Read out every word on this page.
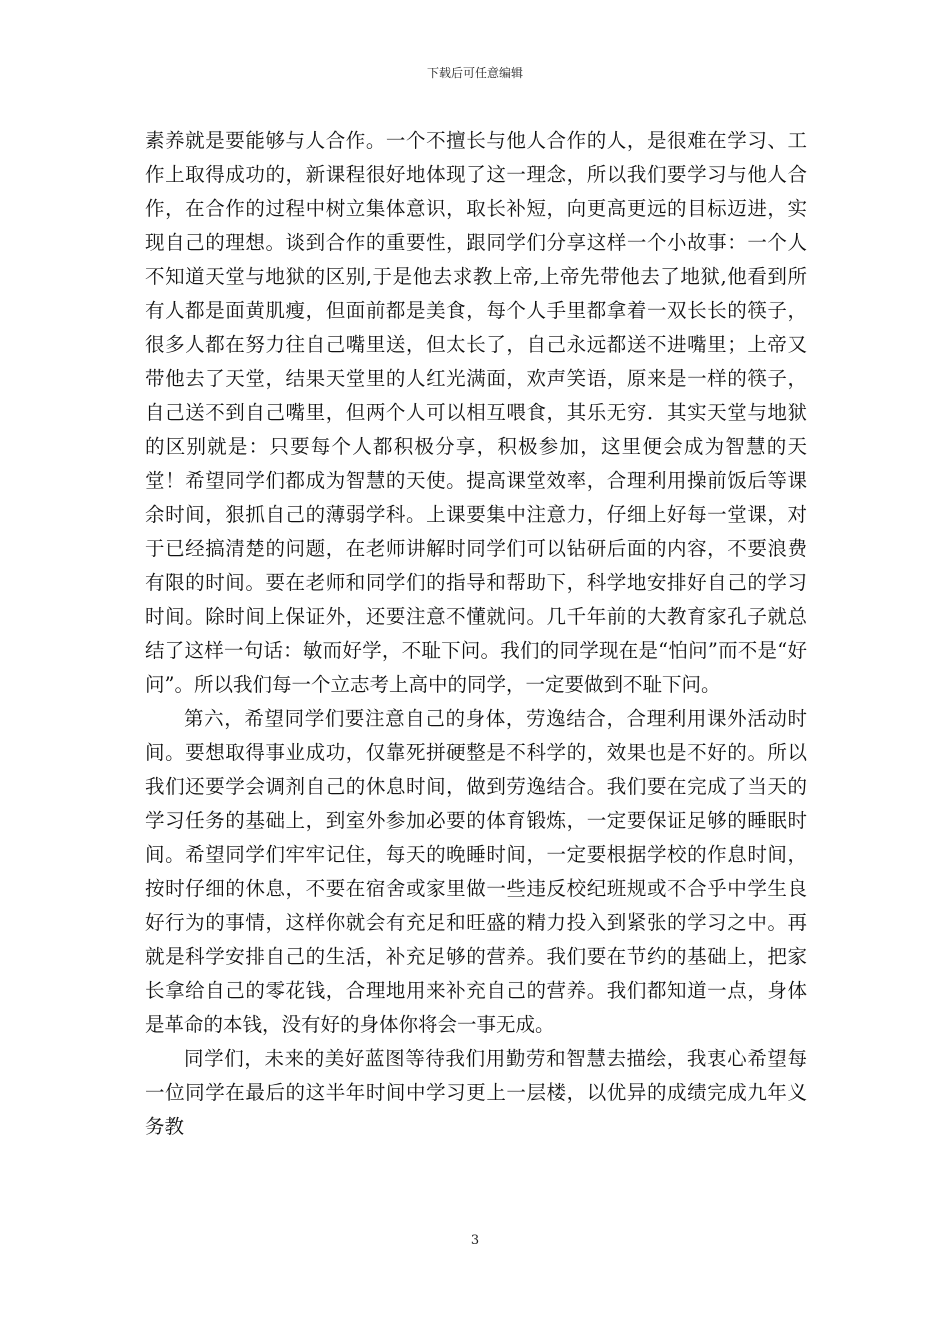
下载后可任意编辑

素养就是要能够与人合作。一个不擅长与他人合作的人，是很难在学习、工作上取得成功的，新课程很好地体现了这一理念，所以我们要学习与他人合作，在合作的过程中树立集体意识，取长补短，向更高更远的目标迈进，实现自己的理想。谈到合作的重要性，跟同学们分享这样一个小故事：一个人不知道天堂与地狱的区别,于是他去求教上帝,上帝先带他去了地狱,他看到所有人都是面黄肌瘦，但面前都是美食，每个人手里都拿着一双长长的筷子，很多人都在努力往自己嘴里送，但太长了，自己永远都送不进嘴里；上帝又带他去了天堂，结果天堂里的人红光满面，欢声笑语，原来是一样的筷子，自己送不到自己嘴里，但两个人可以相互喂食，其乐无穷．其实天堂与地狱的区别就是：只要每个人都积极分享，积极参加，这里便会成为智慧的天堂！希望同学们都成为智慧的天使。提高课堂效率，合理利用操前饭后等课余时间，狠抓自己的薄弱学科。上课要集中注意力，仔细上好每一堂课，对于已经搞清楚的问题，在老师讲解时同学们可以钻研后面的内容，不要浪费有限的时间。要在老师和同学们的指导和帮助下，科学地安排好自己的学习时间。除时间上保证外，还要注意不懂就问。几千年前的大教育家孔子就总结了这样一句话：敏而好学，不耻下问。我们的同学现在是“怕问”而不是“好问”。所以我们每一个立志考上高中的同学，一定要做到不耻下问。

第六，希望同学们要注意自己的身体，劳逸结合，合理利用课外活动时间。要想取得事业成功，仅靠死拼硬整是不科学的，效果也是不好的。所以我们还要学会调剂自己的休息时间，做到劳逸结合。我们要在完成了当天的学习任务的基础上，到室外参加必要的体育锻炼，一定要保证足够的睡眠时间。希望同学们牢牢记住，每天的晚睡时间，一定要根据学校的作息时间，按时仔细的休息，不要在宿舍或家里做一些违反校纪班规或不合乎中学生良好行为的事情，这样你就会有充足和旺盛的精力投入到紧张的学习之中。再就是科学安排自己的生活，补充足够的营养。我们要在节约的基础上，把家长拿给自己的零花钱，合理地用来补充自己的营养。我们都知道一点，身体是革命的本钱，没有好的身体你将会一事无成。

同学们，未来的美好蓝图等待我们用勤劳和智慧去描绘，我衷心希望每一位同学在最后的这半年时间中学习更上一层楼，以优异的成绩完成九年义务教

3
